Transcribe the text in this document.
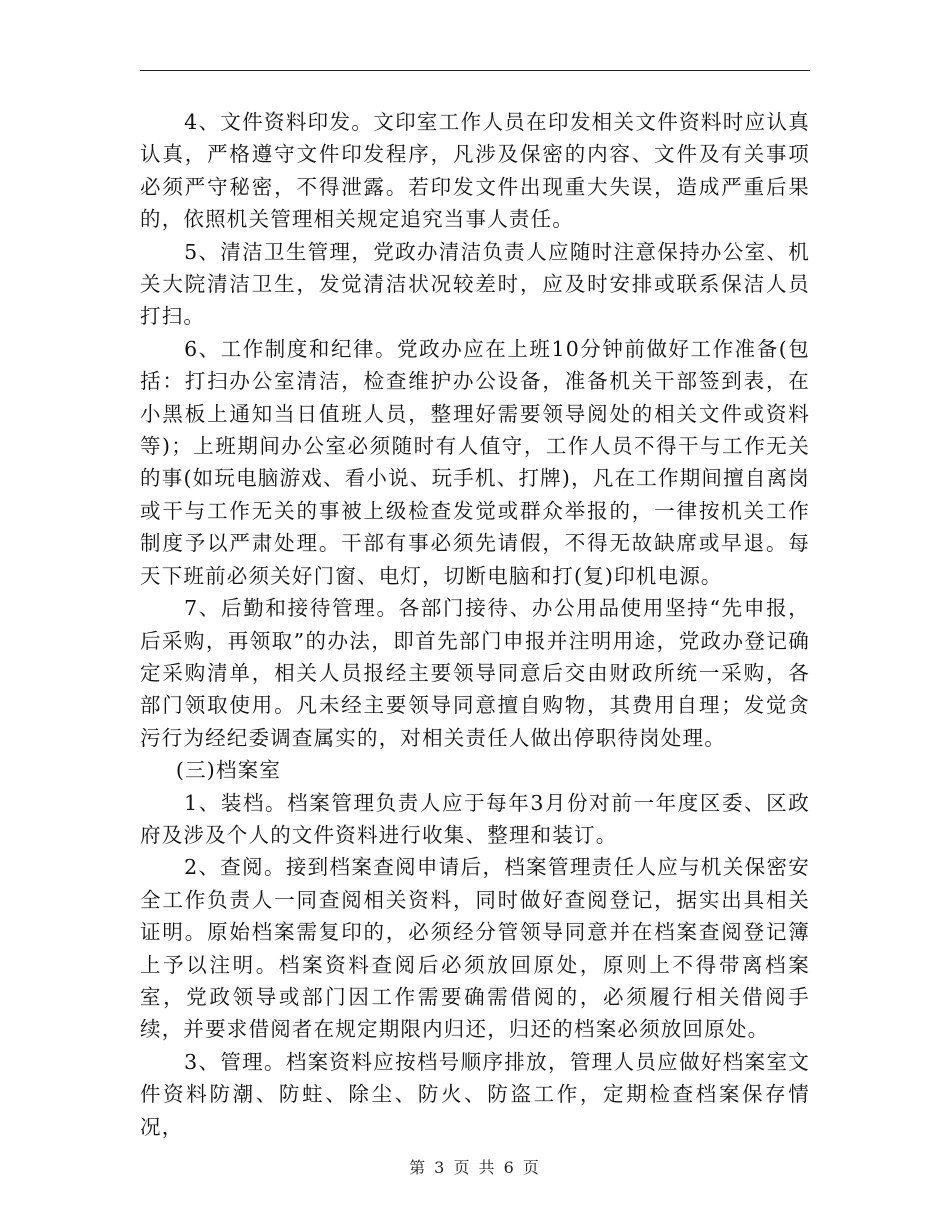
4、文件资料印发。文印室工作人员在印发相关文件资料时应认真认真，严格遵守文件印发程序，凡涉及保密的内容、文件及有关事项必须严守秘密，不得泄露。若印发文件出现重大失误，造成严重后果的，依照机关管理相关规定追究当事人责任。

5、清洁卫生管理，党政办清洁负责人应随时注意保持办公室、机关大院清洁卫生，发觉清洁状况较差时，应及时安排或联系保洁人员打扫。

6、工作制度和纪律。党政办应在上班10分钟前做好工作准备(包括：打扫办公室清洁，检查维护办公设备，准备机关干部签到表，在小黑板上通知当日值班人员，整理好需要领导阅处的相关文件或资料等)；上班期间办公室必须随时有人值守，工作人员不得干与工作无关的事(如玩电脑游戏、看小说、玩手机、打牌)，凡在工作期间擅自离岗或干与工作无关的事被上级检查发觉或群众举报的，一律按机关工作制度予以严肃处理。干部有事必须先请假，不得无故缺席或早退。每天下班前必须关好门窗、电灯，切断电脑和打(复)印机电源。

7、后勤和接待管理。各部门接待、办公用品使用坚持“先申报，后采购，再领取”的办法，即首先部门申报并注明用途，党政办登记确定采购清单，相关人员报经主要领导同意后交由财政所统一采购，各部门领取使用。凡未经主要领导同意擅自购物，其费用自理；发觉贪污行为经纪委调查属实的，对相关责任人做出停职待岗处理。

(三)档案室

1、装档。档案管理负责人应于每年3月份对前一年度区委、区政府及涉及个人的文件资料进行收集、整理和装订。

2、查阅。接到档案查阅申请后，档案管理责任人应与机关保密安全工作负责人一同查阅相关资料，同时做好查阅登记，据实出具相关证明。原始档案需复印的，必须经分管领导同意并在档案查阅登记簿上予以注明。档案资料查阅后必须放回原处，原则上不得带离档案室，党政领导或部门因工作需要确需借阅的，必须履行相关借阅手续，并要求借阅者在规定期限内归还，归还的档案必须放回原处。

3、管理。档案资料应按档号顺序排放，管理人员应做好档案室文件资料防潮、防蛀、除尘、防火、防盗工作，定期检查档案保存情况，

第 3 页 共 6 页
